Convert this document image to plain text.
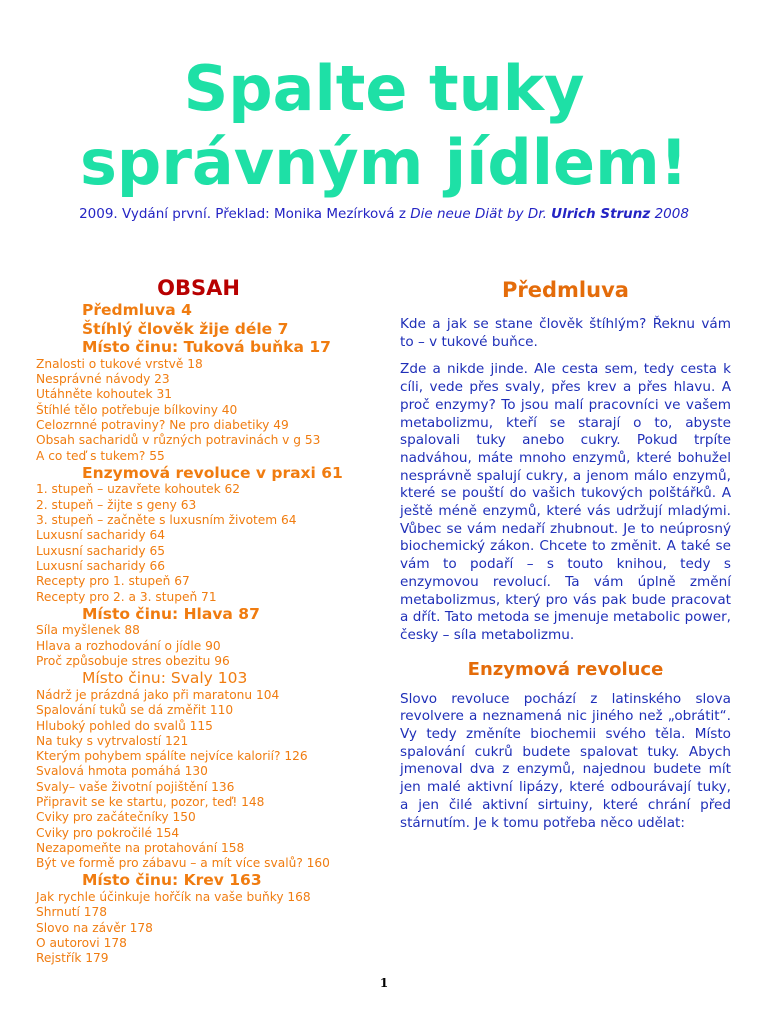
Spalte tuky
správným jídlem!
2009. Vydání první. Překlad: Monika Mezírková z Die neue Diät by Dr. Ulrich Strunz 2008
OBSAH
Předmluva 4
Štíhlý člověk žije déle 7
Místo činu: Tuková buňka 17
Znalosti o tukové vrstvě 18
Nesprávné návody 23
Utáhněte kohoutek 31
Štíhlé tělo potřebuje bílkoviny 40
Celozrnné potraviny? Ne pro diabetiky 49
Obsah sacharidů v různých potravinách v g 53
A co teď s tukem? 55
Enzymová revoluce v praxi 61
1. stupeň – uzavřete kohoutek 62
2. stupeň – žijte s geny 63
3. stupeň – začněte s luxusním životem 64
Luxusní sacharidy 64
Luxusní sacharidy 65
Luxusní sacharidy 66
Recepty pro 1. stupeň 67
Recepty pro 2. a 3. stupeň 71
Místo činu: Hlava 87
Síla myšlenek 88
Hlava a rozhodování o jídle 90
Proč způsobuje stres obezitu 96
Místo činu: Svaly 103
Nádrž je prázdná jako při maratonu 104
Spalování tuků se dá změřit 110
Hluboký pohled do svalů 115
Na tuky s vytrvalostí 121
Kterým pohybem spálíte nejvíce kalorií? 126
Svalová hmota pomáhá 130
Svaly– vaše životní pojištění 136
Připravit se ke startu, pozor, teď! 148
Cviky pro začátečníky 150
Cviky pro pokročilé 154
Nezapomeňte na protahování 158
Být ve formě pro zábavu – a mít více svalů? 160
Místo činu: Krev 163
Jak rychle účinkuje hořčík na vaše buňky 168
Shrnutí 178
Slovo na závěr 178
O autorovi 178
Rejstřík 179
Předmluva

Kde a jak se stane člověk štíhlým? Řeknu vám to – v tukové buňce.

Zde a nikde jinde. Ale cesta sem, tedy cesta k cíli, vede přes svaly, přes krev a přes hlavu. A proč enzymy? To jsou malí pracovníci ve vašem metabolizmu, kteří se starají o to, abyste spalovali tuky anebo cukry. Pokud trpíte nadváhou, máte mnoho enzymů, které bohužel nesprávně spalují cukry, a jenom málo enzymů, které se pouští do vašich tukových polštářků. A ještě méně enzymů, které vás udržují mladými. Vůbec se vám nedaří zhubnout. Je to neúprosný biochemický zákon. Chcete to změnit. A také se vám to podaří – s touto knihou, tedy s enzymovou revolucí. Ta vám úplně změní metabolizmus, který pro vás pak bude pracovat a dřít. Tato metoda se jmenuje metabolic power, česky – síla metabolizmu.

Enzymová revoluce

Slovo revoluce pochází z latinského slova revolvere a neznamená nic jiného než „obrátit“. Vy tedy změníte biochemii svého těla. Místo spalování cukrů budete spalovat tuky. Abych jmenoval dva z enzymů, najednou budete mít jen malé aktivní lipázy, které odbourávají tuky, a jen čilé aktivní sirtuiny, které chrání před stárnutím. Je k tomu potřeba něco udělat:

1
